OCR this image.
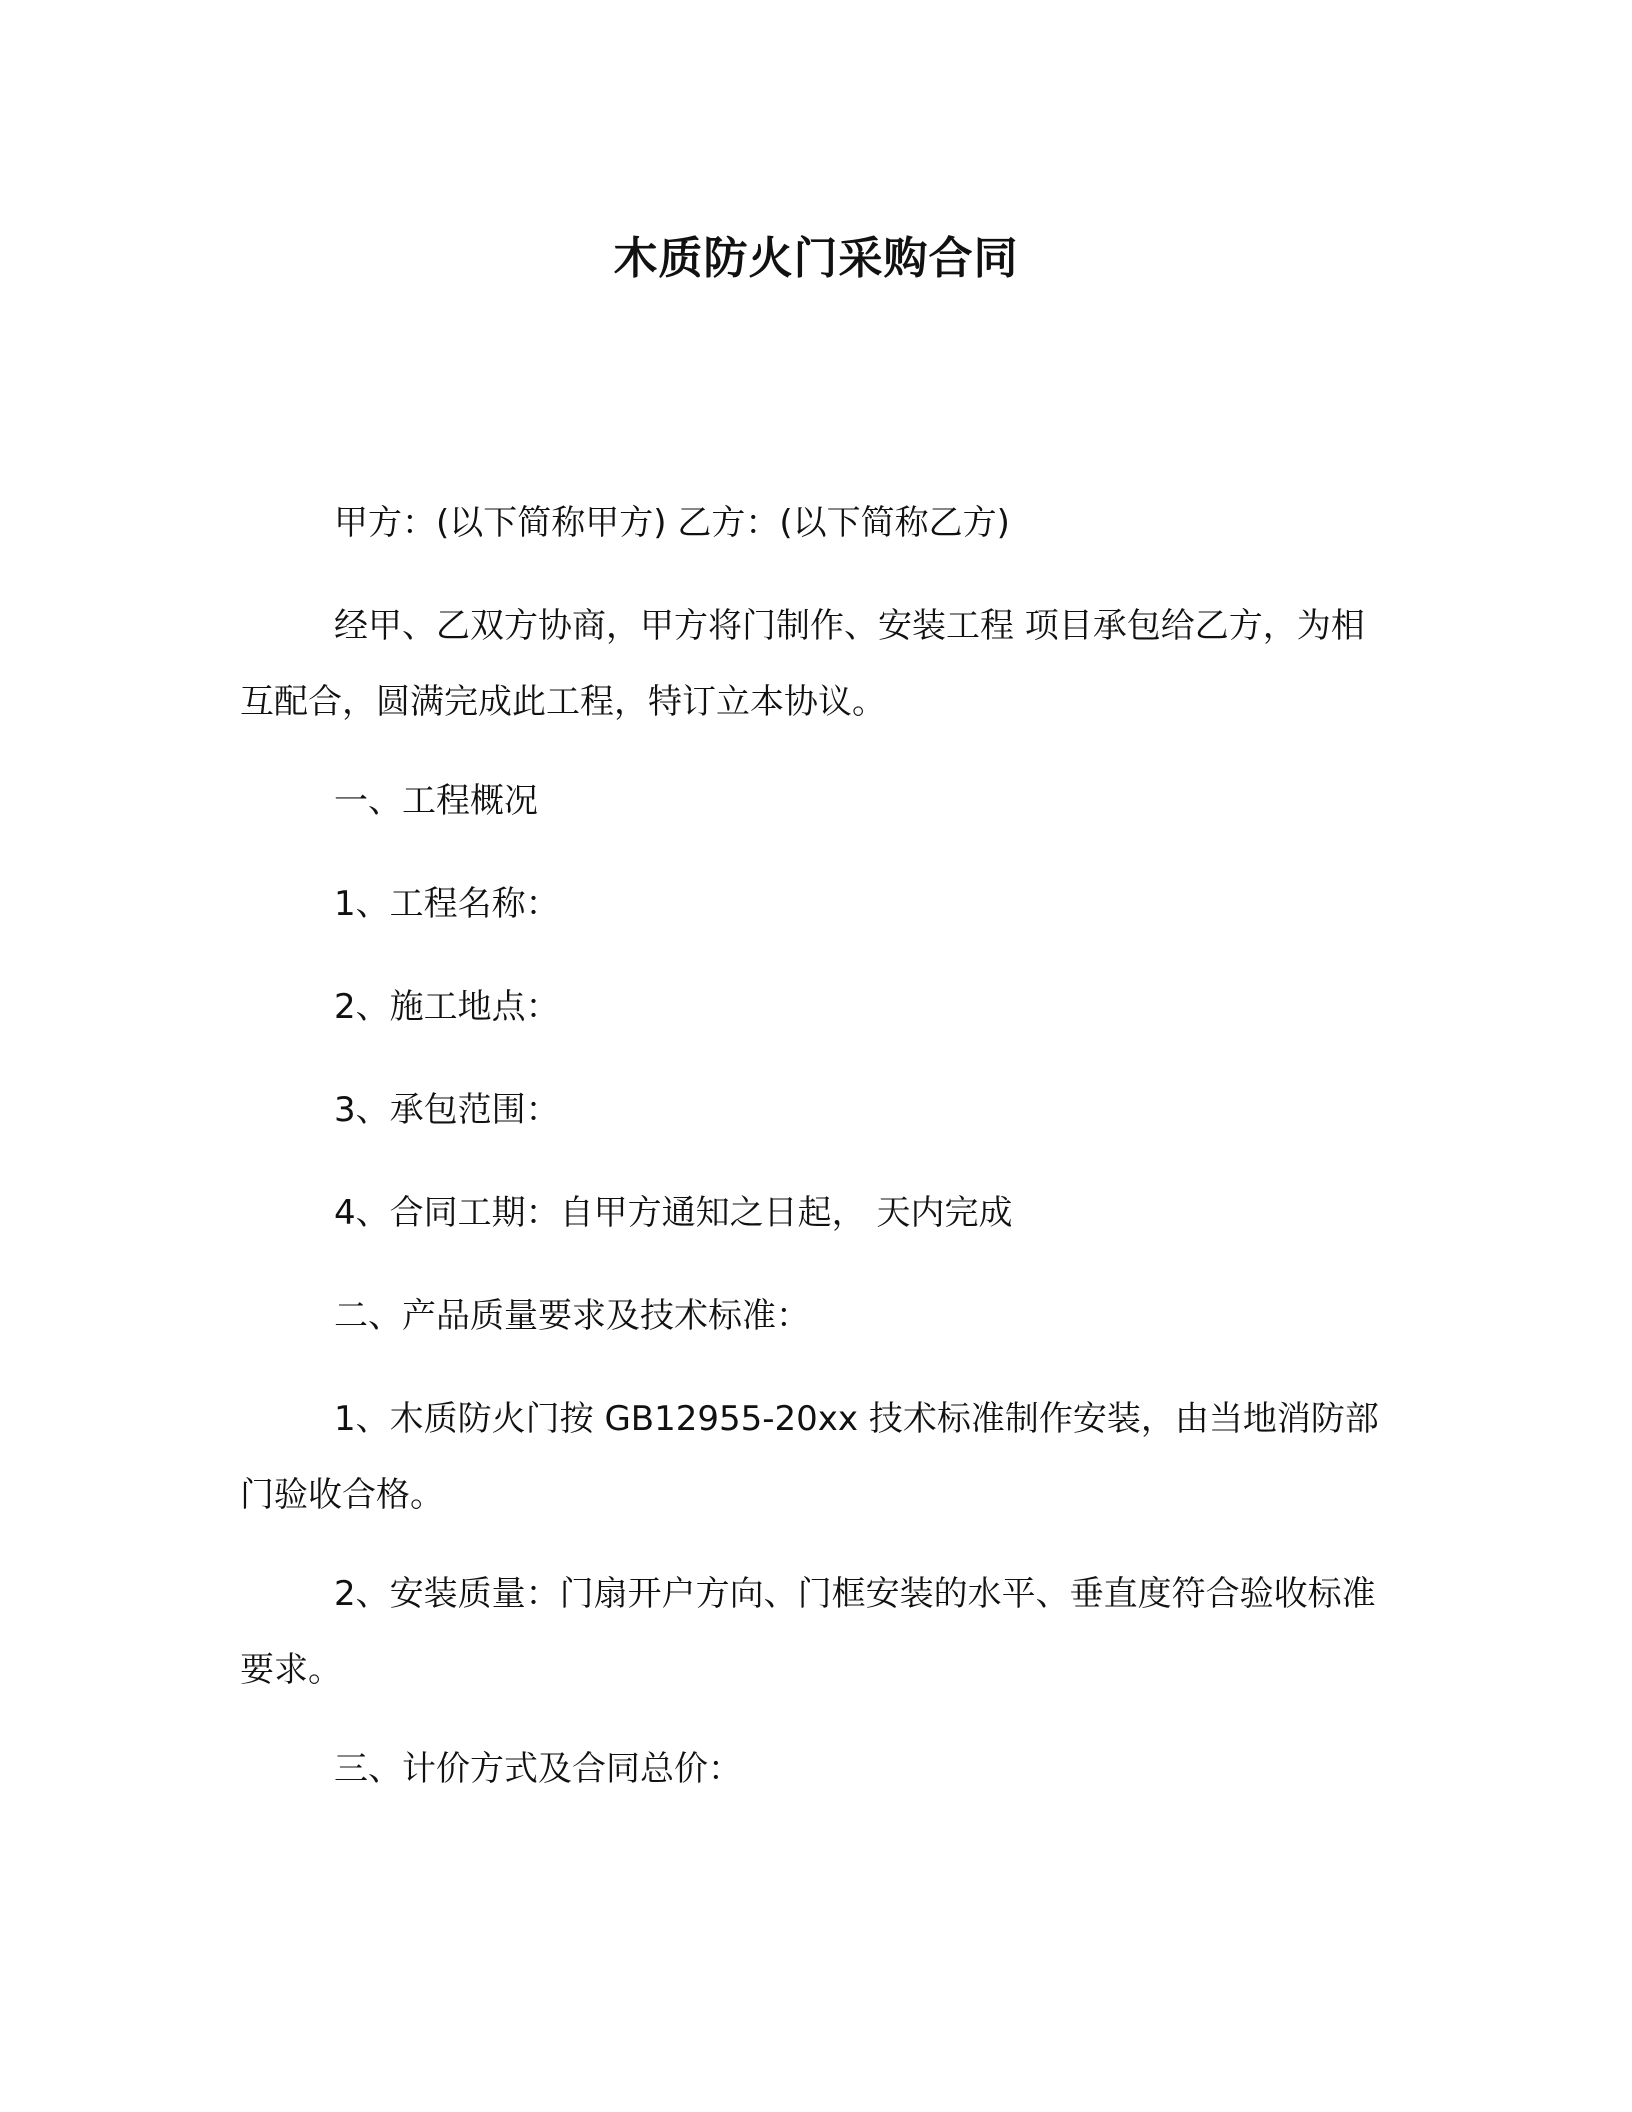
木质防火门采购合同

甲方：(以下简称甲方) 乙方：(以下简称乙方)

经甲、乙双方协商，甲方将门制作、安装工程 项目承包给乙方，为相互配合，圆满完成此工程，特订立本协议。

一、工程概况

1、工程名称：

2、施工地点：

3、承包范围：

4、合同工期：自甲方通知之日起， 天内完成

二、产品质量要求及技术标准：

1、木质防火门按 GB12955-20xx 技术标准制作安装，由当地消防部门验收合格。

2、安装质量：门扇开户方向、门框安装的水平、垂直度符合验收标准要求。

三、计价方式及合同总价：
